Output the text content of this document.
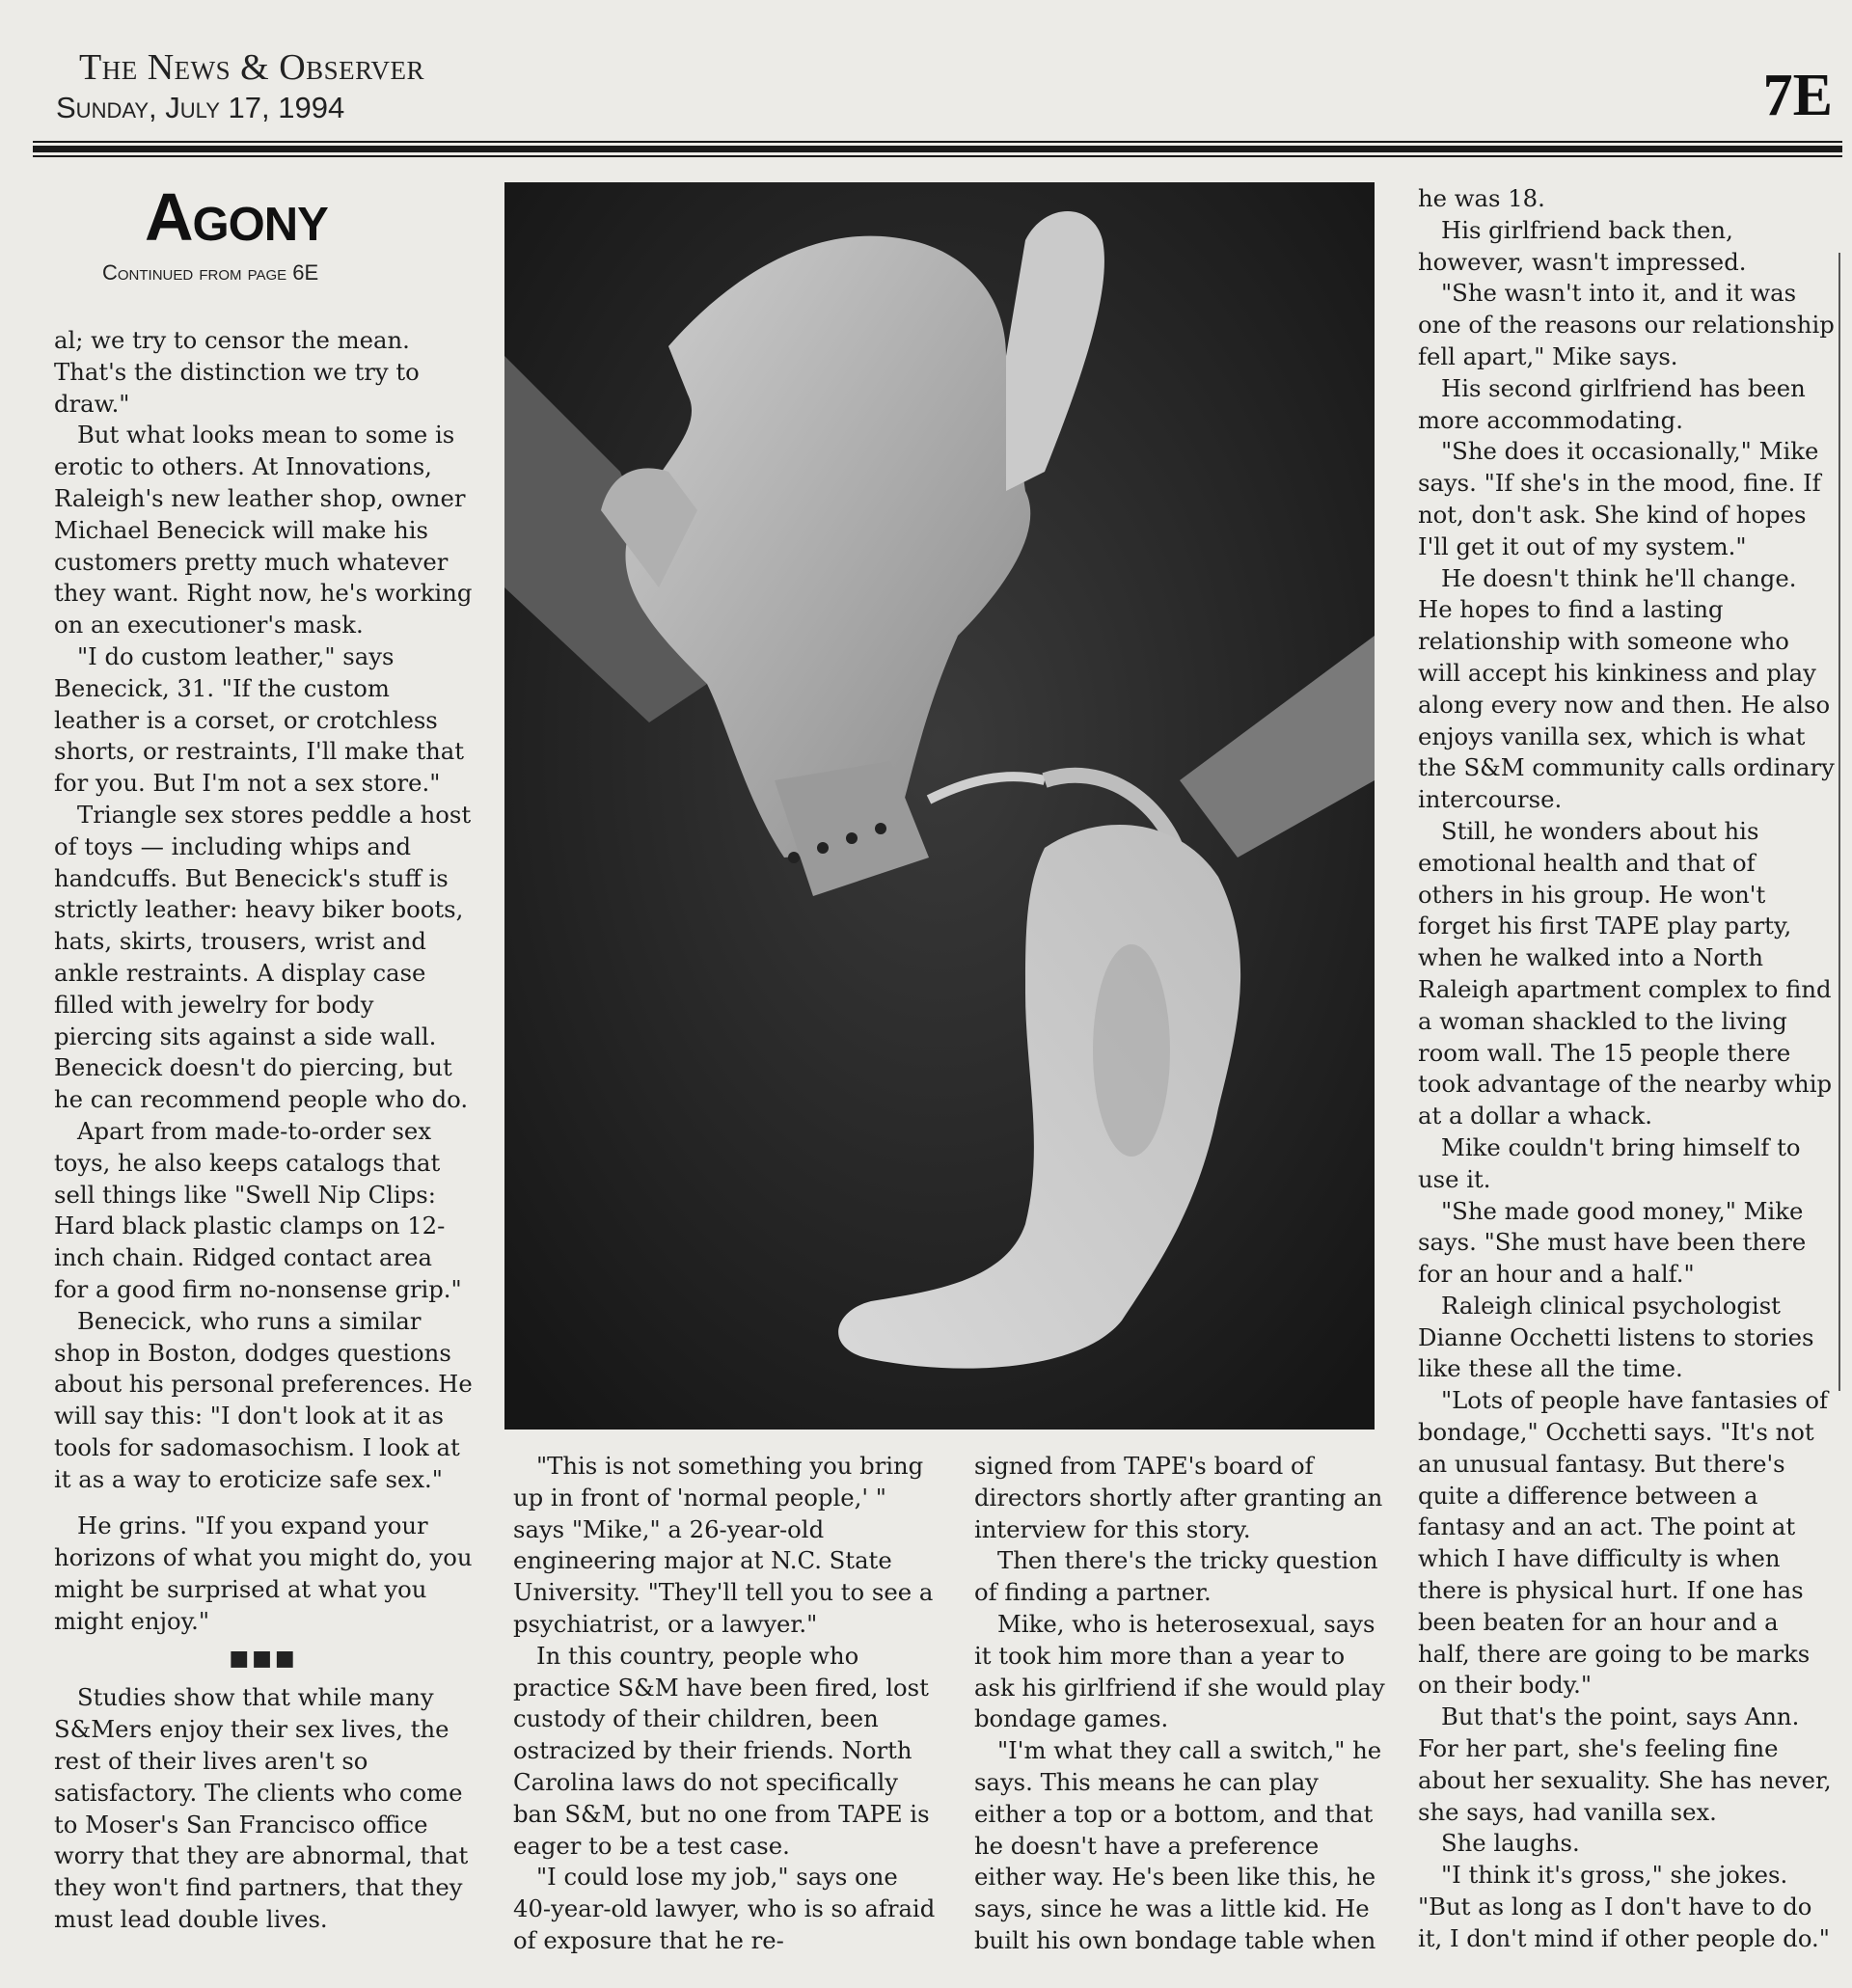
The News & Observer
Sunday, July 17, 1994	7E
Agony
Continued from page 6E

al; we try to censor the mean. That's the distinction we try to draw."

But what looks mean to some is erotic to others. At Innovations, Raleigh's new leather shop, owner Michael Benecick will make his customers pretty much whatever they want. Right now, he's working on an executioner's mask.

"I do custom leather," says Benecick, 31. "If the custom leather is a corset, or crotchless shorts, or restraints, I'll make that for you. But I'm not a sex store."

Triangle sex stores peddle a host of toys — including whips and handcuffs. But Benecick's stuff is strictly leather: heavy biker boots, hats, skirts, trousers, wrist and ankle restraints. A display case filled with jewelry for body piercing sits against a side wall. Benecick doesn't do piercing, but he can recommend people who do.

Apart from made-to-order sex toys, he also keeps catalogs that sell things like "Swell Nip Clips: Hard black plastic clamps on 12-inch chain. Ridged contact area for a good firm no-nonsense grip."

Benecick, who runs a similar shop in Boston, dodges questions about his personal preferences. He will say this: "I don't look at it as tools for sadomasochism. I look at it as a way to eroticize safe sex."

He grins. "If you expand your horizons of what you might do, you might be surprised at what you might enjoy."

■■■

Studies show that while many S&Mers enjoy their sex lives, the rest of their lives aren't so satisfactory. The clients who come to Moser's San Francisco office worry that they are abnormal, that they won't find partners, that they must lead double lives.

"This is not something you bring up in front of 'normal people,' " says "Mike," a 26-year-old engineering major at N.C. State University. "They'll tell you to see a psychiatrist, or a lawyer."

In this country, people who practice S&M have been fired, lost custody of their children, been ostracized by their friends. North Carolina laws do not specifically ban S&M, but no one from TAPE is eager to be a test case.

"I could lose my job," says one 40-year-old lawyer, who is so afraid of exposure that he re-

signed from TAPE's board of directors shortly after granting an interview for this story.

Then there's the tricky question of finding a partner.

Mike, who is heterosexual, says it took him more than a year to ask his girlfriend if she would play bondage games.

"I'm what they call a switch," he says. This means he can play either a top or a bottom, and that he doesn't have a preference either way. He's been like this, he says, since he was a little kid. He built his own bondage table when

he was 18.

His girlfriend back then, however, wasn't impressed.

"She wasn't into it, and it was one of the reasons our relationship fell apart," Mike says.

His second girlfriend has been more accommodating.

"She does it occasionally," Mike says. "If she's in the mood, fine. If not, don't ask. She kind of hopes I'll get it out of my system."

He doesn't think he'll change. He hopes to find a lasting relationship with someone who will accept his kinkiness and play along every now and then. He also enjoys vanilla sex, which is what the S&M community calls ordinary intercourse.

Still, he wonders about his emotional health and that of others in his group. He won't forget his first TAPE play party, when he walked into a North Raleigh apartment complex to find a woman shackled to the living room wall. The 15 people there took advantage of the nearby whip at a dollar a whack.

Mike couldn't bring himself to use it.

"She made good money," Mike says. "She must have been there for an hour and a half."

Raleigh clinical psychologist Dianne Occhetti listens to stories like these all the time.

"Lots of people have fantasies of bondage," Occhetti says. "It's not an unusual fantasy. But there's quite a difference between a fantasy and an act. The point at which I have difficulty is when there is physical hurt. If one has been beaten for an hour and a half, there are going to be marks on their body."

But that's the point, says Ann. For her part, she's feeling fine about her sexuality. She has never, she says, had vanilla sex.

She laughs.

"I think it's gross," she jokes. "But as long as I don't have to do it, I don't mind if other people do."
